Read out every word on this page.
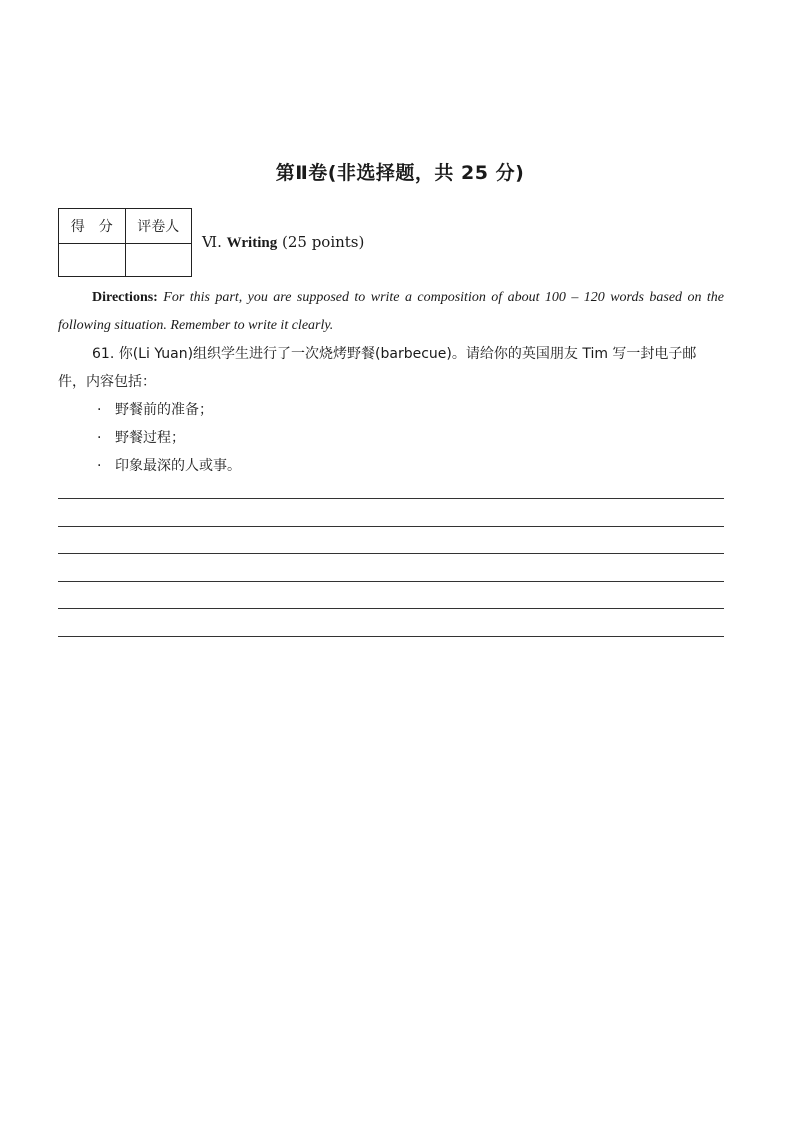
第Ⅱ卷(非选择题，共 25 分)
得　分	评卷人

Ⅵ. Writing (25 points)
Directions: For this part, you are supposed to write a composition of about 100 – 120 words based on the following situation. Remember to write it clearly.
61. 你(Li Yuan)组织学生进行了一次烧烤野餐(barbecue)。请给你的英国朋友 Tim 写一封电子邮件，内容包括：
· 野餐前的准备；
· 野餐过程；
· 印象最深的人或事。
